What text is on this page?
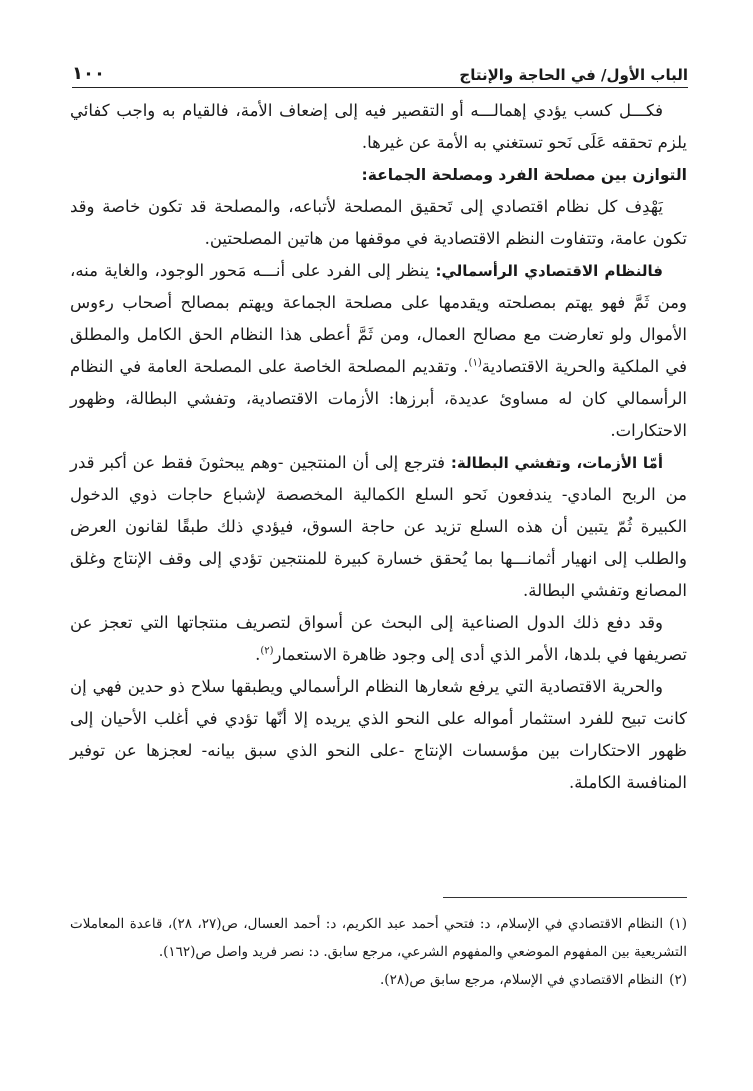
الباب الأول/ في الحاجة والإنتاج
١٠٠

فكـــل كسب يؤدي إهمالـــه أو التقصير فيه إلى إضعاف الأمة، فالقيام به واجب كفائي يلزم تحققه عَلَى نَحو تستغني به الأمة عن غيرها.

التوازن بين مصلحة الفرد ومصلحة الجماعة:

يَهْدِف كل نظام اقتصادي إلى تَحقيق المصلحة لأتباعه، والمصلحة قد تكون خاصة وقد تكون عامة، وتتفاوت النظم الاقتصادية في موقفها من هاتين المصلحتين.

فالنظام الاقتصادي الرأسمالي: ينظر إلى الفرد على أنـــه مَحور الوجود، والغاية منه، ومن ثَمَّ فهو يهتم بمصلحته ويقدمها على مصلحة الجماعة ويهتم بمصالح أصحاب رءوس الأموال ولو تعارضت مع مصالح العمال، ومن ثَمَّ أعطى هذا النظام الحق الكامل والمطلق في الملكية والحرية الاقتصادية$^{(١)}$. وتقديم المصلحة الخاصة على المصلحة العامة في النظام الرأسمالي كان له مساوئ عديدة، أبرزها: الأزمات الاقتصادية، وتفشي البطالة، وظهور الاحتكارات.

أمّا الأزمات، وتفشي البطالة: فترجع إلى أن المنتجين -وهم يبحثونَ فقط عن أكبر قدر من الربح المادي- يندفعون نَحو السلع الكمالية المخصصة لإشباع حاجات ذوي الدخول الكبيرة ثُمّ يتبين أن هذه السلع تزيد عن حاجة السوق، فيؤدي ذلك طبقًا لقانون العرض والطلب إلى انهيار أثمانـــها بما يُحقق خسارة كبيرة للمنتجين تؤدي إلى وقف الإنتاج وغلق المصانع وتفشي البطالة.

وقد دفع ذلك الدول الصناعية إلى البحث عن أسواق لتصريف منتجاتها التي تعجز عن تصريفها في بلدها، الأمر الذي أدى إلى وجود ظاهرة الاستعمار$^{(٢)}$.

والحرية الاقتصادية التي يرفع شعارها النظام الرأسمالي ويطبقها سلاح ذو حدين فهي إن كانت تبيح للفرد استثمار أمواله على النحو الذي يريده إلا أنّها تؤدي في أغلب الأحيان إلى ظهور الاحتكارات بين مؤسسات الإنتاج -على النحو الذي سبق بيانه- لعجزها عن توفير المنافسة الكاملة.

(١)النظام الاقتصادي في الإسلام، د: فتحي أحمد عبد الكريم، د: أحمد العسال، ص(٢٧، ٢٨)، قاعدة المعاملات التشريعية بين المفهوم الموضعي والمفهوم الشرعي، مرجع سابق. د: نصر فريد واصل ص(١٦٢).

(٢)النظام الاقتصادي في الإسلام، مرجع سابق ص(٢٨).
